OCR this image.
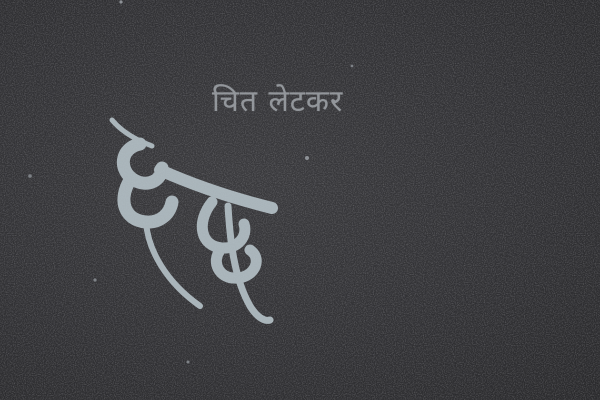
चित लेटकर
